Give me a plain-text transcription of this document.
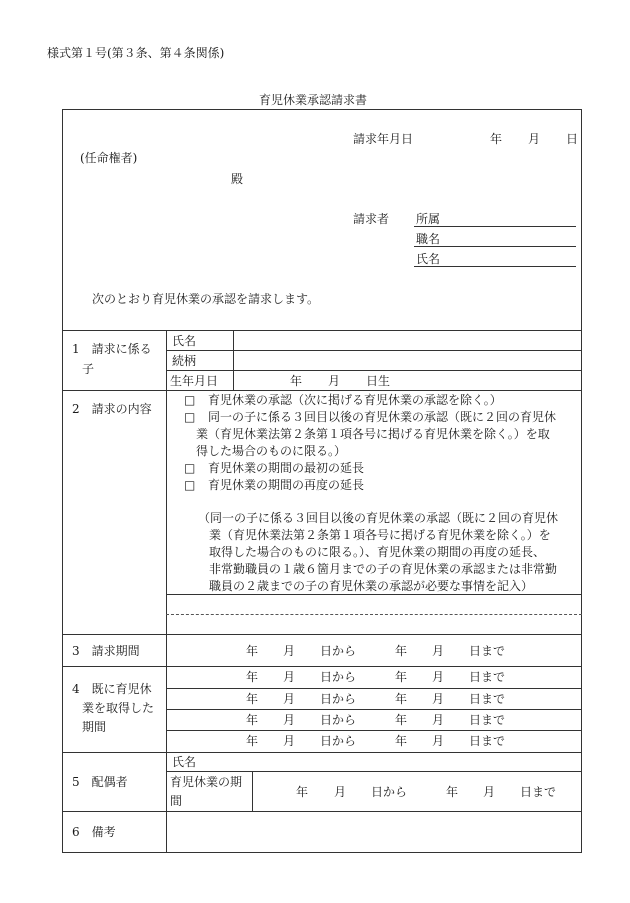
様式第１号(第３条、第４条関係)
育児休業承認請求書
請求年月日	年 月 日
(任命権者)
殿
請求者 所属
職名
氏名
次のとおり育児休業の承認を請求します。
1　請求に係る
子
氏名
続柄
生年月日	年 月 日生
2　請求の内容
□ 育児休業の承認（次に掲げる育児休業の承認を除く。）
□ 同一の子に係る３回目以後の育児休業の承認（既に２回の育児休
業（育児休業法第２条第１項各号に掲げる育児休業を除く。）を取
得した場合のものに限る。）
□ 育児休業の期間の最初の延長
□ 育児休業の期間の再度の延長
（同一の子に係る３回目以後の育児休業の承認（既に２回の育児休
業（育児休業法第２条第１項各号に掲げる育児休業を除く。）を
取得した場合のものに限る。）、育児休業の期間の再度の延長、
非常勤職員の１歳６箇月までの子の育児休業の承認または非常勤
職員の２歳までの子の育児休業の承認が必要な事情を記入）
3　請求期間	年 月 日から	年 月 日まで
4　既に育児休
業を取得した
期間
年 月 日から	年 月 日まで
年 月 日から	年 月 日まで
年 月 日から	年 月 日まで
年 月 日から	年 月 日まで
5　配偶者
氏名
育児休業の期
間
年 月 日から	年 月 日まで
6　備考
